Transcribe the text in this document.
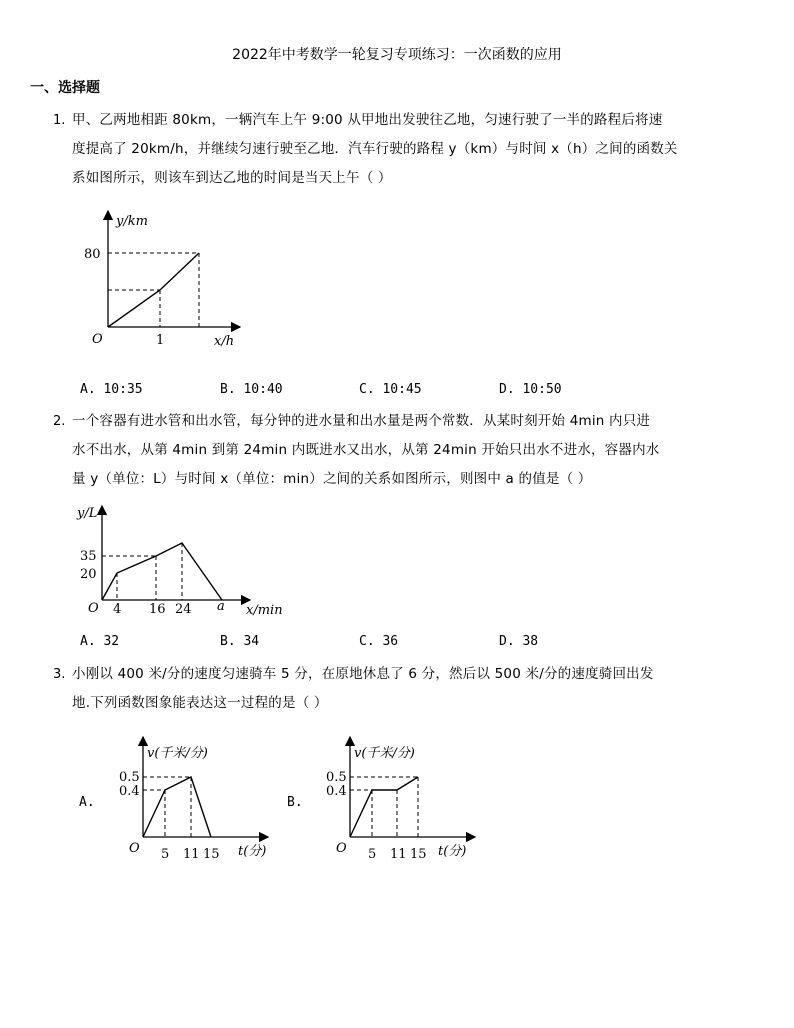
2022年中考数学一轮复习专项练习：一次函数的应用
一、选择题
1. 甲、乙两地相距 80km，一辆汽车上午 9:00 从甲地出发驶往乙地，匀速行驶了一半的路程后将速
度提高了 20km/h，并继续匀速行驶至乙地．汽车行驶的路程 y（km）与时间 x（h）之间的函数关
系如图所示，则该车到达乙地的时间是当天上午（ ）
y/km
80
O	1	x/h
A. 10:35	B. 10:40	C. 10:45	D. 10:50
2. 一个容器有进水管和出水管，每分钟的进水量和出水量是两个常数．从某时刻开始 4min 内只进
水不出水，从第 4min 到第 24min 内既进水又出水，从第 24min 开始只出水不进水，容器内水
量 y（单位：L）与时间 x（单位：min）之间的关系如图所示，则图中 a 的值是（ ）
y/L
35
20
O 4 16 24 a x/min
A. 32	B. 34	C. 36	D. 38
3. 小刚以 400 米/分的速度匀速骑车 5 分，在原地休息了 6 分，然后以 500 米/分的速度骑回出发
地.下列函数图象能表达这一过程的是（ ）
A.
v(千米/分)
0.5
0.4
O 5 11 15 t(分)
B.
v(千米/分)
0.5
0.4
O 5 11 15 t(分)
